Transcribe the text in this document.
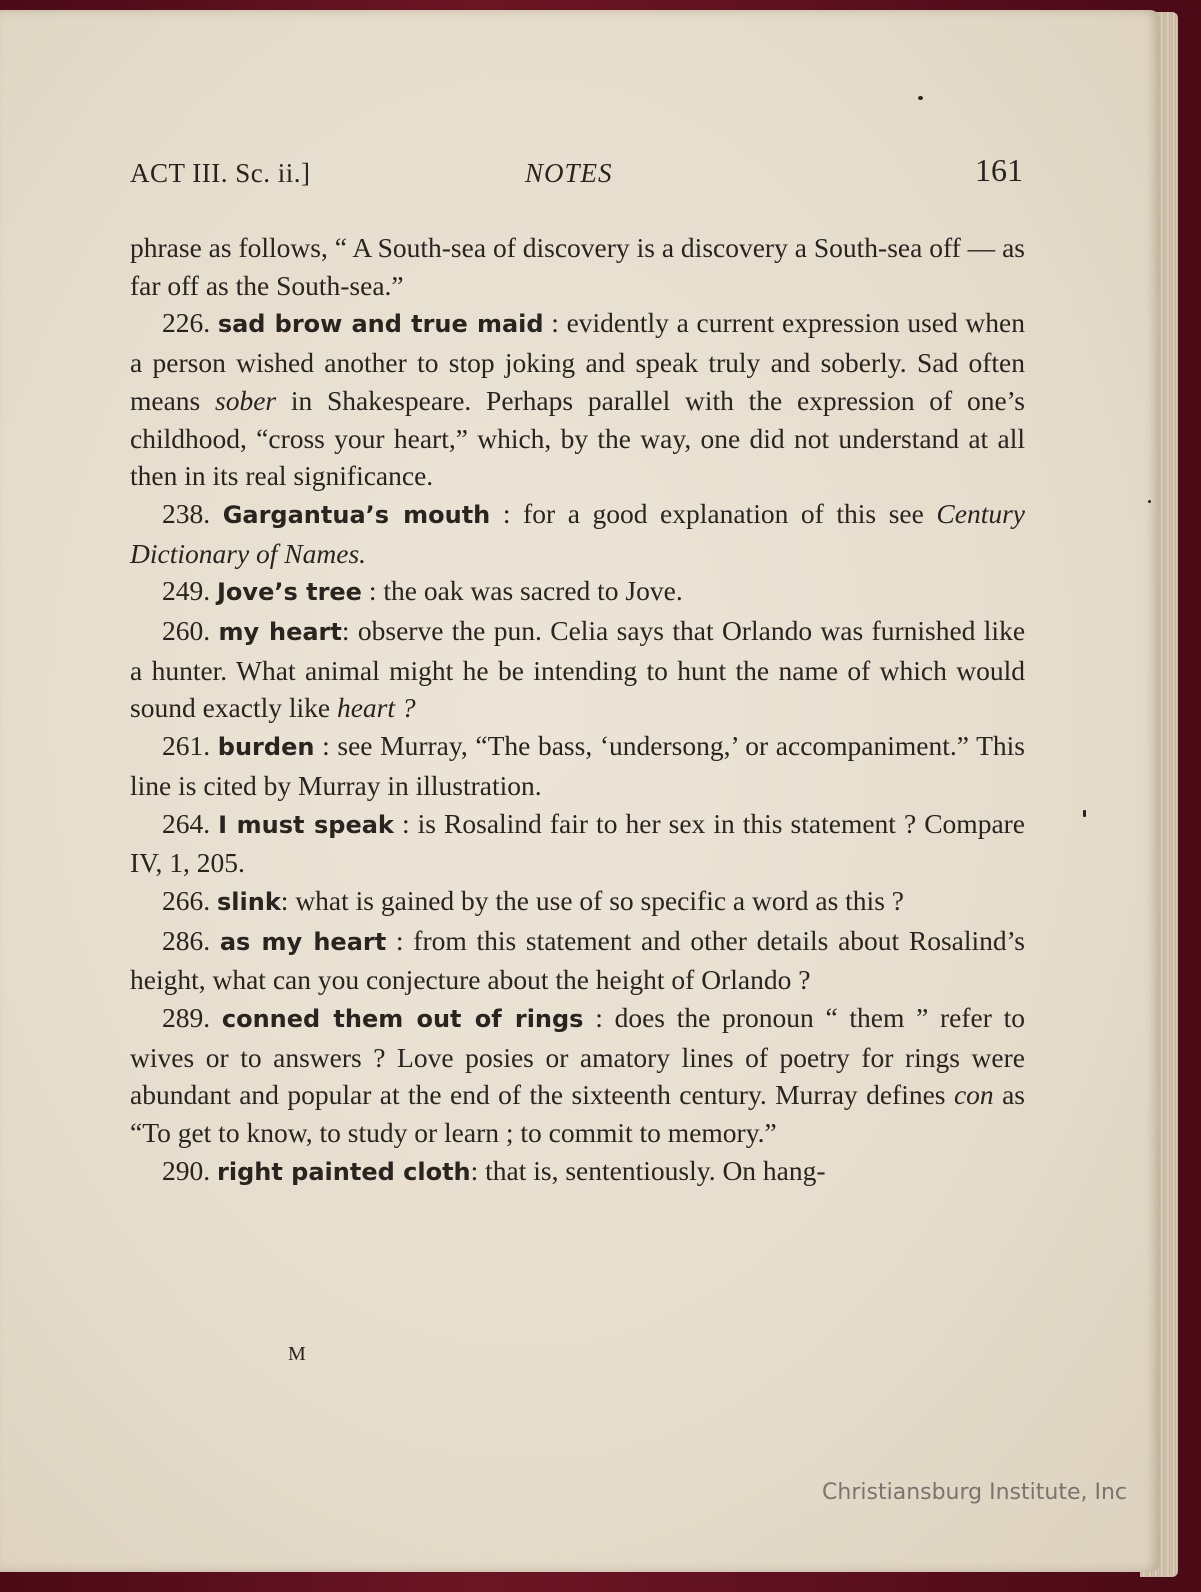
ACT III. Sc. ii.]	NOTES	161

phrase as follows, “ A South-sea of discovery is a discovery a South-sea off — as far off as the South-sea.”

226. sad brow and true maid : evidently a current expression used when a person wished another to stop joking and speak truly and soberly. Sad often means sober in Shakespeare. Perhaps parallel with the expression of one’s childhood, “cross your heart,” which, by the way, one did not understand at all then in its real significance.

238. Gargantua’s mouth : for a good explanation of this see Century Dictionary of Names.

249. Jove’s tree : the oak was sacred to Jove.

260. my heart: observe the pun. Celia says that Orlando was furnished like a hunter. What animal might he be intending to hunt the name of which would sound exactly like heart ?

261. burden : see Murray, “The bass, ‘undersong,’ or accompaniment.” This line is cited by Murray in illustration.

264. I must speak : is Rosalind fair to her sex in this statement ? Compare IV, 1, 205.

266. slink: what is gained by the use of so specific a word as this ?

286. as my heart : from this statement and other details about Rosalind’s height, what can you conjecture about the height of Orlando ?

289. conned them out of rings : does the pronoun “ them ” refer to wives or to answers ? Love posies or amatory lines of poetry for rings were abundant and popular at the end of the sixteenth century. Murray defines con as “To get to know, to study or learn ; to commit to memory.”

290. right painted cloth: that is, sententiously. On hang-

M
Christiansburg Institute, Inc
